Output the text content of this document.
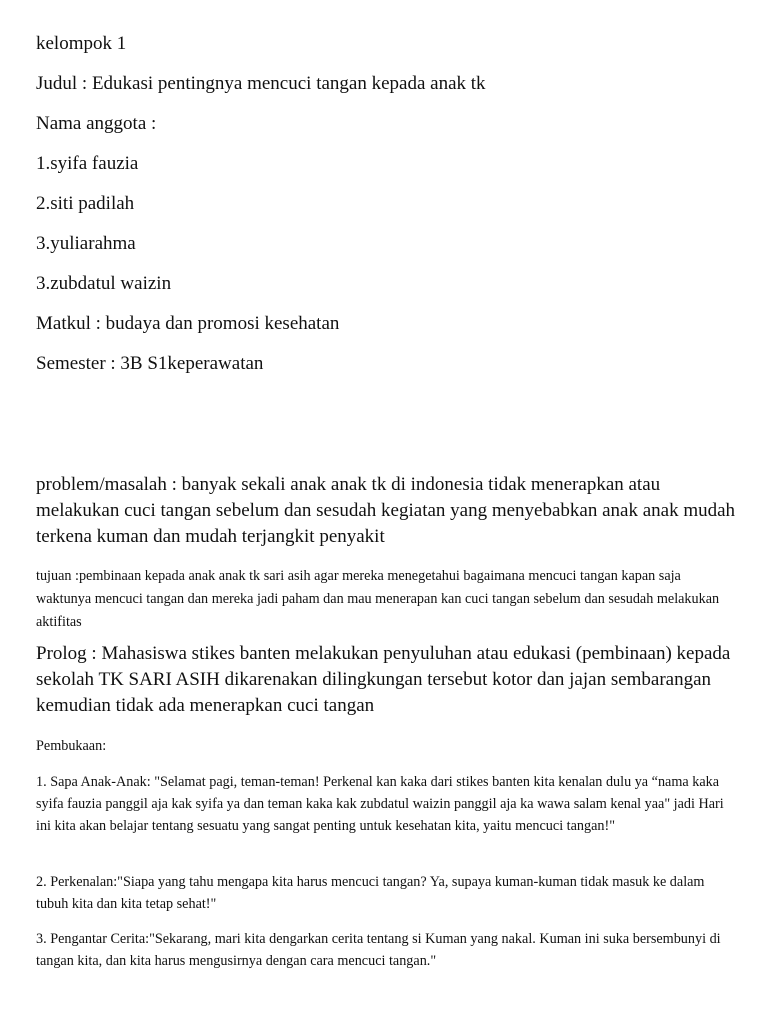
kelompok 1
Judul : Edukasi pentingnya mencuci tangan kepada anak tk
Nama anggota :
1.syifa fauzia
2.siti padilah
3.yuliarahma
3.zubdatul waizin
Matkul : budaya dan promosi kesehatan
Semester : 3B S1keperawatan
problem/masalah : banyak sekali anak anak tk di indonesia tidak menerapkan atau melakukan cuci tangan sebelum dan sesudah kegiatan yang menyebabkan anak anak mudah terkena kuman dan mudah terjangkit penyakit
tujuan :pembinaan kepada anak anak tk sari asih agar mereka menegetahui bagaimana mencuci tangan kapan saja waktunya mencuci tangan dan mereka jadi paham dan mau menerapan kan cuci tangan sebelum dan sesudah melakukan aktifitas
Prolog : Mahasiswa stikes banten melakukan penyuluhan atau edukasi (pembinaan) kepada sekolah TK SARI ASIH dikarenakan dilingkungan tersebut kotor dan jajan sembarangan kemudian tidak ada menerapkan cuci tangan
Pembukaan:
1. Sapa Anak-Anak: "Selamat pagi, teman-teman! Perkenal kan kaka dari stikes banten kita kenalan dulu ya “nama kaka syifa fauzia panggil aja kak syifa ya dan teman kaka kak zubdatul waizin panggil aja ka wawa salam kenal yaa" jadi Hari ini kita akan belajar tentang sesuatu yang sangat penting untuk kesehatan kita, yaitu mencuci tangan!"
2. Perkenalan:"Siapa yang tahu mengapa kita harus mencuci tangan? Ya, supaya kuman-kuman tidak masuk ke dalam tubuh kita dan kita tetap sehat!"
3. Pengantar Cerita:"Sekarang, mari kita dengarkan cerita tentang si Kuman yang nakal. Kuman ini suka bersembunyi di tangan kita, dan kita harus mengusirnya dengan cara mencuci tangan."
